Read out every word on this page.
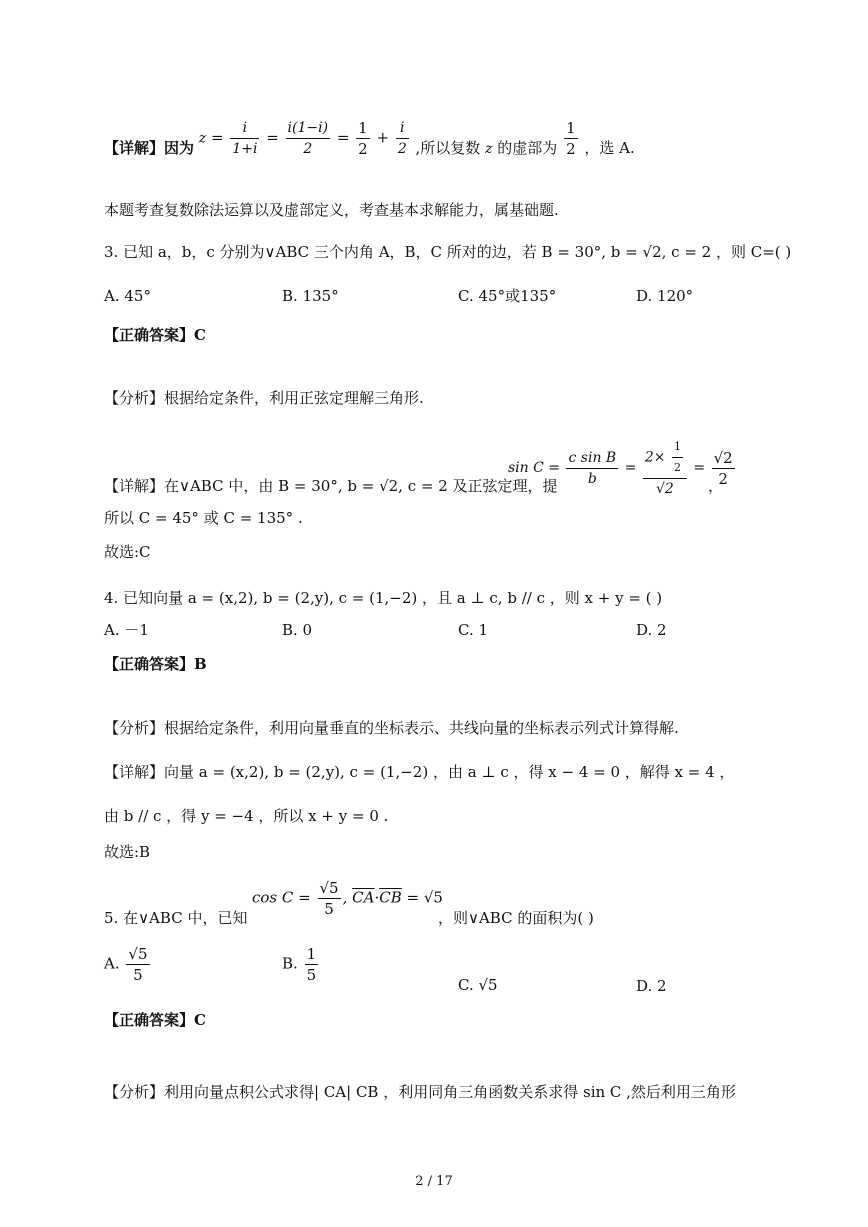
【详解】因为 $z = \frac{i}{1+i} = \frac{i(1-i)}{2} = \frac{1}{2} + \frac{i}{2}$ ,所以复数 z 的虚部为 $\frac{1}{2}$ ，选 A.
本题考查复数除法运算以及虚部定义，考查基本求解能力，属基础题.
3. 已知 a，b，c 分别为∨ABC 三个内角 A，B，C 所对的边，若 B = 30°, b = √2, c = 2 ，则 C=( )
A. 45°	B. 135°	C. 45°或135°	D. 120°
【正确答案】C
【分析】根据给定条件，利用正弦定理解三角形.
【详解】在∨ABC 中，由 B = 30°, b = √2, c = 2 及正弦定理，提
$\sin C = \frac{\text{c sin B}}{b} = \frac{2\times \frac{1}{2}}{√2} = \frac{√2}{2}$
，
所以 C = 45° 或 C = 135° .
故选:C
4. 已知向量 a = (x,2), b = (2,y), c = (1,−2) ，且 a ⊥ c, b // c ，则 x + y = ( )
A. －1	B. 0	C. 1	D. 2
【正确答案】B
【分析】根据给定条件，利用向量垂直的坐标表示、共线向量的坐标表示列式计算得解.
【详解】向量 a = (x,2), b = (2,y), c = (1,−2) ，由 a ⊥ c ，得 x − 4 = 0 ，解得 x = 4 ，
由 b // c ，得 y = −4 ，所以 x + y = 0 .
故选:B
5. 在∨ABC 中，已知
$\cos C = \frac{√5}{5}$ , $\overline{CA}\cdot\overline{CB} = √5$
，则∨ABC 的面积为( )
A. $\frac{√5}{5}$	B. $\frac{1}{5}$	C. √5	D. 2
【正确答案】C
【分析】利用向量点积公式求得| CA| CB ，利用同角三角函数关系求得 sin C ,然后利用三角形
2 / 17
